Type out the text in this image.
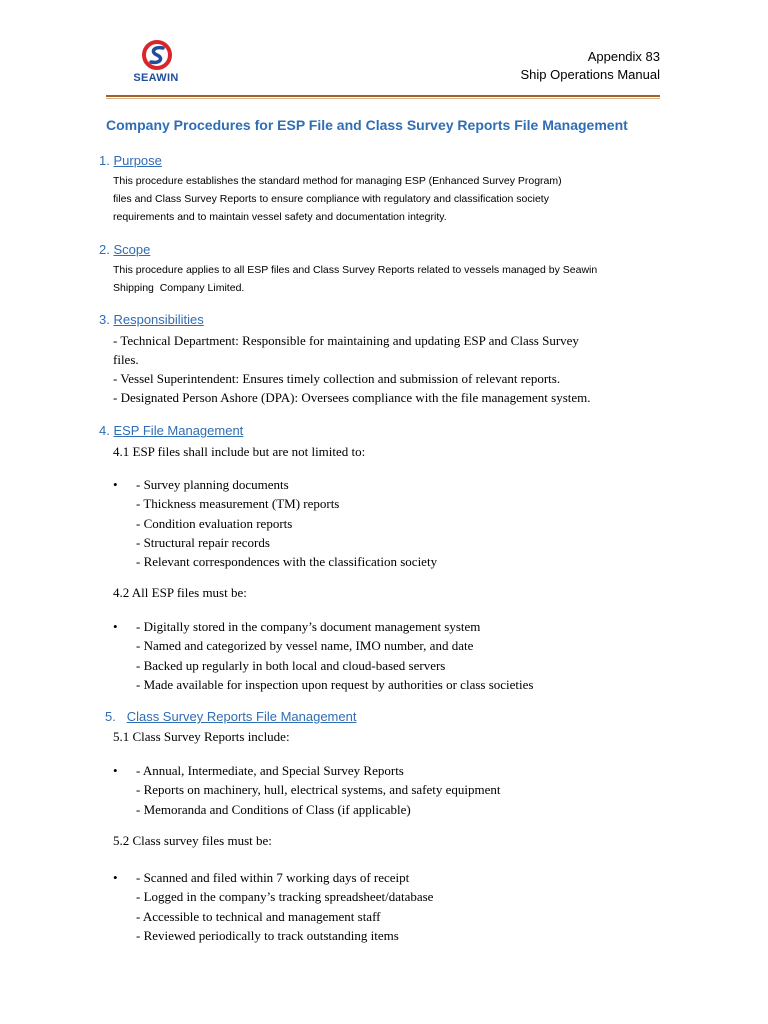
SEAWIN
Appendix 83
Ship Operations Manual
Company Procedures for ESP File and Class Survey Reports File Management
1. Purpose
This procedure establishes the standard method for managing ESP (Enhanced Survey Program)
files and Class Survey Reports to ensure compliance with regulatory and classification society
requirements and to maintain vessel safety and documentation integrity.
2. Scope
This procedure applies to all ESP files and Class Survey Reports related to vessels managed by Seawin
Shipping  Company Limited.
3. Responsibilities
- Technical Department: Responsible for maintaining and updating ESP and Class Survey
files.
- Vessel Superintendent: Ensures timely collection and submission of relevant reports.
- Designated Person Ashore (DPA): Oversees compliance with the file management system.
4. ESP File Management
4.1 ESP files shall include but are not limited to:
• - Survey planning documents
- Thickness measurement (TM) reports
- Condition evaluation reports
- Structural repair records
- Relevant correspondences with the classification society
4.2 All ESP files must be:
• - Digitally stored in the company’s document management system
- Named and categorized by vessel name, IMO number, and date
- Backed up regularly in both local and cloud-based servers
- Made available for inspection upon request by authorities or class societies
5. Class Survey Reports File Management
5.1 Class Survey Reports include:
• - Annual, Intermediate, and Special Survey Reports
- Reports on machinery, hull, electrical systems, and safety equipment
- Memoranda and Conditions of Class (if applicable)
5.2 Class survey files must be:
• - Scanned and filed within 7 working days of receipt
- Logged in the company’s tracking spreadsheet/database
- Accessible to technical and management staff
- Reviewed periodically to track outstanding items
